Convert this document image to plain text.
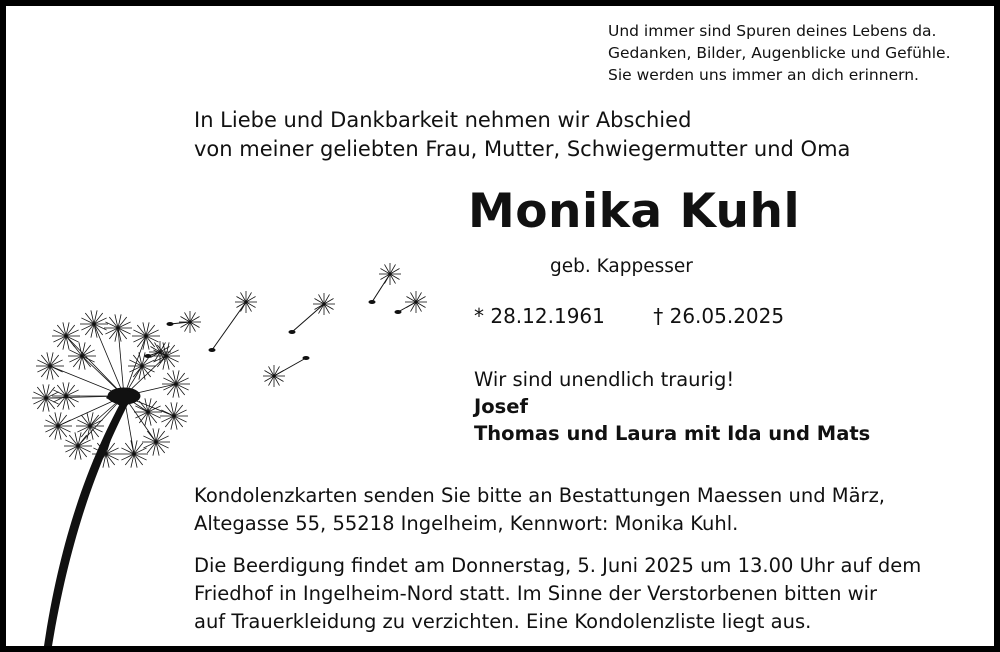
Und immer sind Spuren deines Lebens da.
Gedanken, Bilder, Augenblicke und Gefühle.
Sie werden uns immer an dich erinnern.
In Liebe und Dankbarkeit nehmen wir Abschied
von meiner geliebten Frau, Mutter, Schwiegermutter und Oma
Monika Kuhl
geb. Kappesser
* 28.12.1961 † 26.05.2025
Wir sind unendlich traurig!
Josef
Thomas und Laura mit Ida und Mats
Kondolenzkarten senden Sie bitte an Bestattungen Maessen und März,
Altegasse 55, 55218 Ingelheim, Kennwort: Monika Kuhl.
Die Beerdigung findet am Donnerstag, 5. Juni 2025 um 13.00 Uhr auf dem
Friedhof in Ingelheim-Nord statt. Im Sinne der Verstorbenen bitten wir
auf Trauerkleidung zu verzichten. Eine Kondolenzliste liegt aus.
